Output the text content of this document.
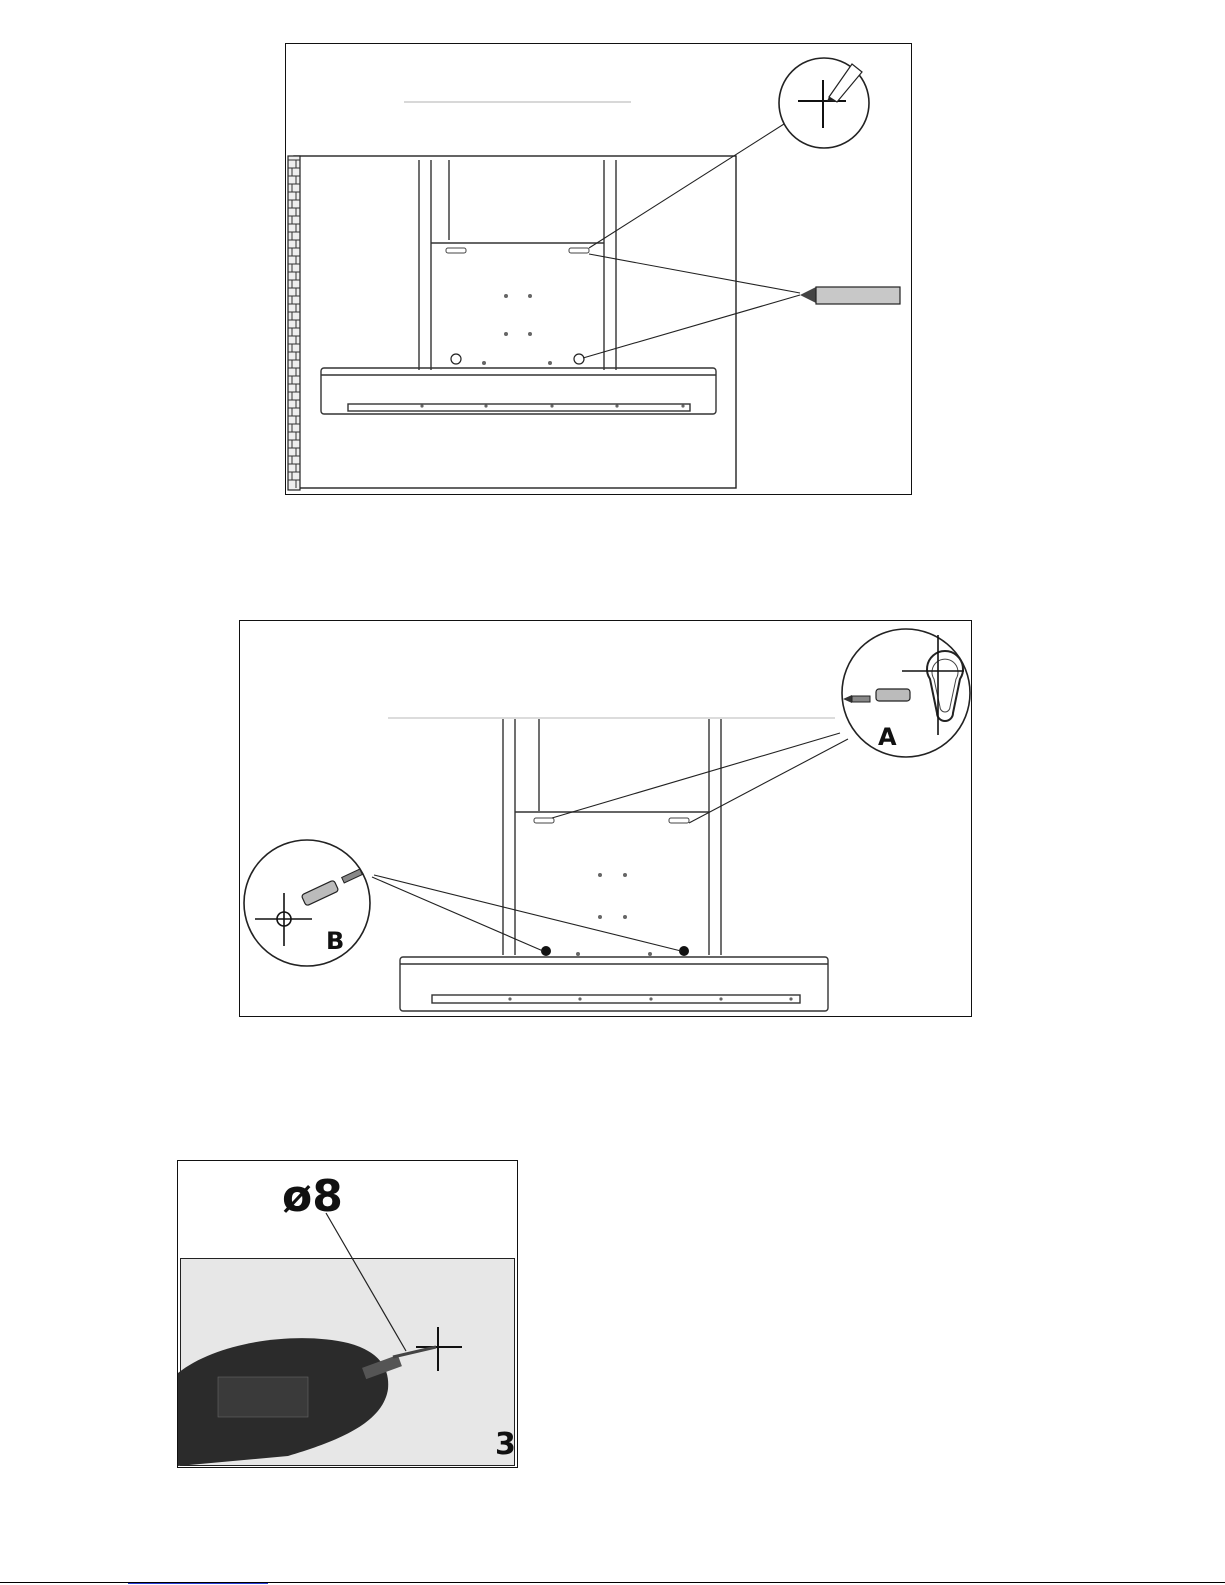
A
B
ø8
3
